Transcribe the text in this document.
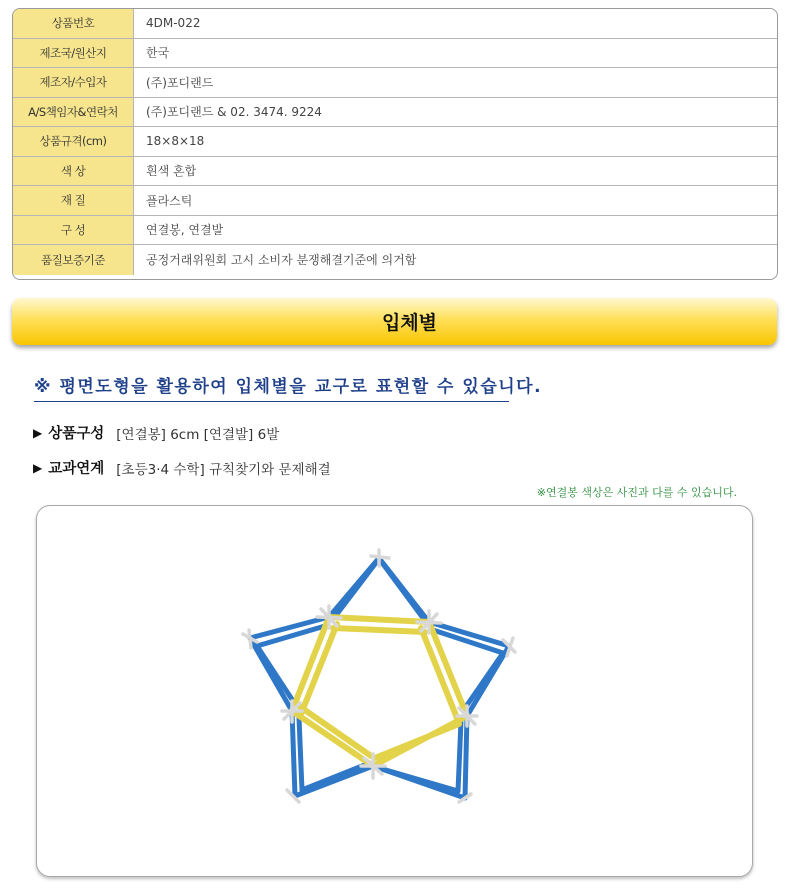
상품번호	4DM-022
제조국/원산지	한국
제조자/수입자	(주)포디랜드
A/S책임자&연락처	(주)포디랜드 & 02. 3474. 9224
상품규격(cm)	18×8×18
색 상	흰색 혼합
재 질	플라스틱
구 성	연결봉, 연결발
품질보증기준	공정거래위원회 고시 소비자 분쟁해결기준에 의거함
입체별
※ 평면도형을 활용하여 입체별을 교구로 표현할 수 있습니다.
▶ 상품구성 [연결봉] 6cm [연결발] 6발
▶ 교과연계 [초등3·4 수학] 규칙찾기와 문제해결
※연결봉 색상은 사진과 다를 수 있습니다.
